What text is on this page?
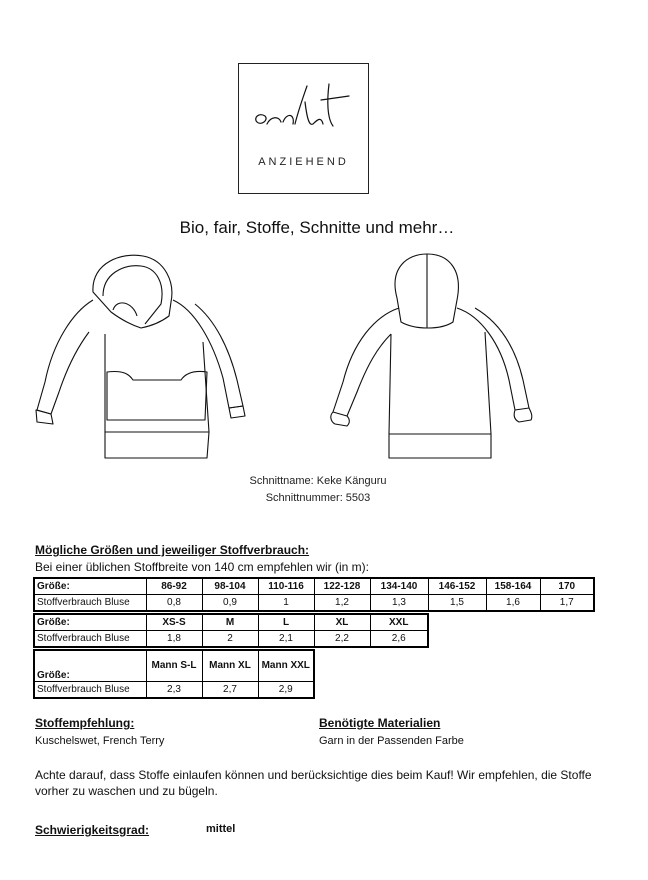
ANZIEHEND
Bio, fair, Stoffe, Schnitte und mehr…
Schnittname: Keke Känguru
Schnittnummer: 5503
Mögliche Größen und jeweiliger Stoffverbrauch:
Bei einer üblichen Stoffbreite von 140 cm empfehlen wir (in m):
Größe:	86-92	98-104	110-116	122-128	134-140	146-152	158-164	170
Stoffverbrauch Bluse	0,8	0,9	1	1,2	1,3	1,5	1,6	1,7
Größe:	XS-S	M	L	XL	XXL
Stoffverbrauch Bluse	1,8	2	2,1	2,2	2,6
Größe:	Mann S-L	Mann XL	Mann XXL
Stoffverbrauch Bluse	2,3	2,7	2,9
Stoffempfehlung:
Kuschelswet, French Terry
Benötigte Materialien
Garn in der Passenden Farbe
Achte darauf, dass Stoffe einlaufen können und berücksichtige dies beim Kauf! Wir empfehlen, die Stoffe vorher zu waschen und zu bügeln.
Schwierigkeitsgrad:	mittel
